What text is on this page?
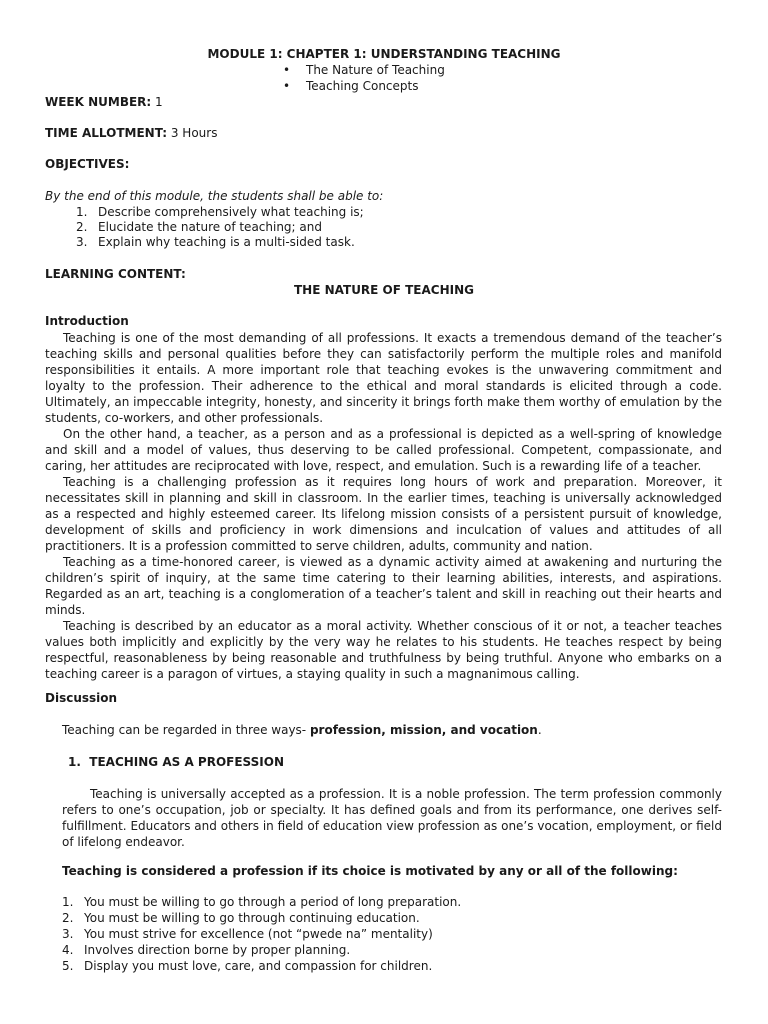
MODULE 1: CHAPTER 1: UNDERSTANDING TEACHING
• The Nature of Teaching
• Teaching Concepts
WEEK NUMBER: 1
TIME ALLOTMENT: 3 Hours
OBJECTIVES:
By the end of this module, the students shall be able to:
1. Describe comprehensively what teaching is;
2. Elucidate the nature of teaching; and
3. Explain why teaching is a multi-sided task.
LEARNING CONTENT:
THE NATURE OF TEACHING
Introduction

Teaching is one of the most demanding of all professions. It exacts a tremendous demand of the teacher’s teaching skills and personal qualities before they can satisfactorily perform the multiple roles and manifold responsibilities it entails. A more important role that teaching evokes is the unwavering commitment and loyalty to the profession. Their adherence to the ethical and moral standards is elicited through a code. Ultimately, an impeccable integrity, honesty, and sincerity it brings forth make them worthy of emulation by the students, co-workers, and other professionals.

On the other hand, a teacher, as a person and as a professional is depicted as a well-spring of knowledge and skill and a model of values, thus deserving to be called professional. Competent, compassionate, and caring, her attitudes are reciprocated with love, respect, and emulation. Such is a rewarding life of a teacher.

Teaching is a challenging profession as it requires long hours of work and preparation. Moreover, it necessitates skill in planning and skill in classroom. In the earlier times, teaching is universally acknowledged as a respected and highly esteemed career. Its lifelong mission consists of a persistent pursuit of knowledge, development of skills and proficiency in work dimensions and inculcation of values and attitudes of all practitioners. It is a profession committed to serve children, adults, community and nation.

Teaching as a time-honored career, is viewed as a dynamic activity aimed at awakening and nurturing the children’s spirit of inquiry, at the same time catering to their learning abilities, interests, and aspirations. Regarded as an art, teaching is a conglomeration of a teacher’s talent and skill in reaching out their hearts and minds.

Teaching is described by an educator as a moral activity. Whether conscious of it or not, a teacher teaches values both implicitly and explicitly by the very way he relates to his students. He teaches respect by being respectful, reasonableness by being reasonable and truthfulness by being truthful. Anyone who embarks on a teaching career is a paragon of virtues, a staying quality in such a magnanimous calling.

Discussion
Teaching can be regarded in three ways- profession, mission, and vocation.
1. TEACHING AS A PROFESSION

Teaching is universally accepted as a profession. It is a noble profession. The term profession commonly refers to one’s occupation, job or specialty. It has defined goals and from its performance, one derives self-fulfillment. Educators and others in field of education view profession as one’s vocation, employment, or field of lifelong endeavor.

Teaching is considered a profession if its choice is motivated by any or all of the following:
1. You must be willing to go through a period of long preparation.
2. You must be willing to go through continuing education.
3. You must strive for excellence (not “pwede na” mentality)
4. Involves direction borne by proper planning.
5. Display you must love, care, and compassion for children.
